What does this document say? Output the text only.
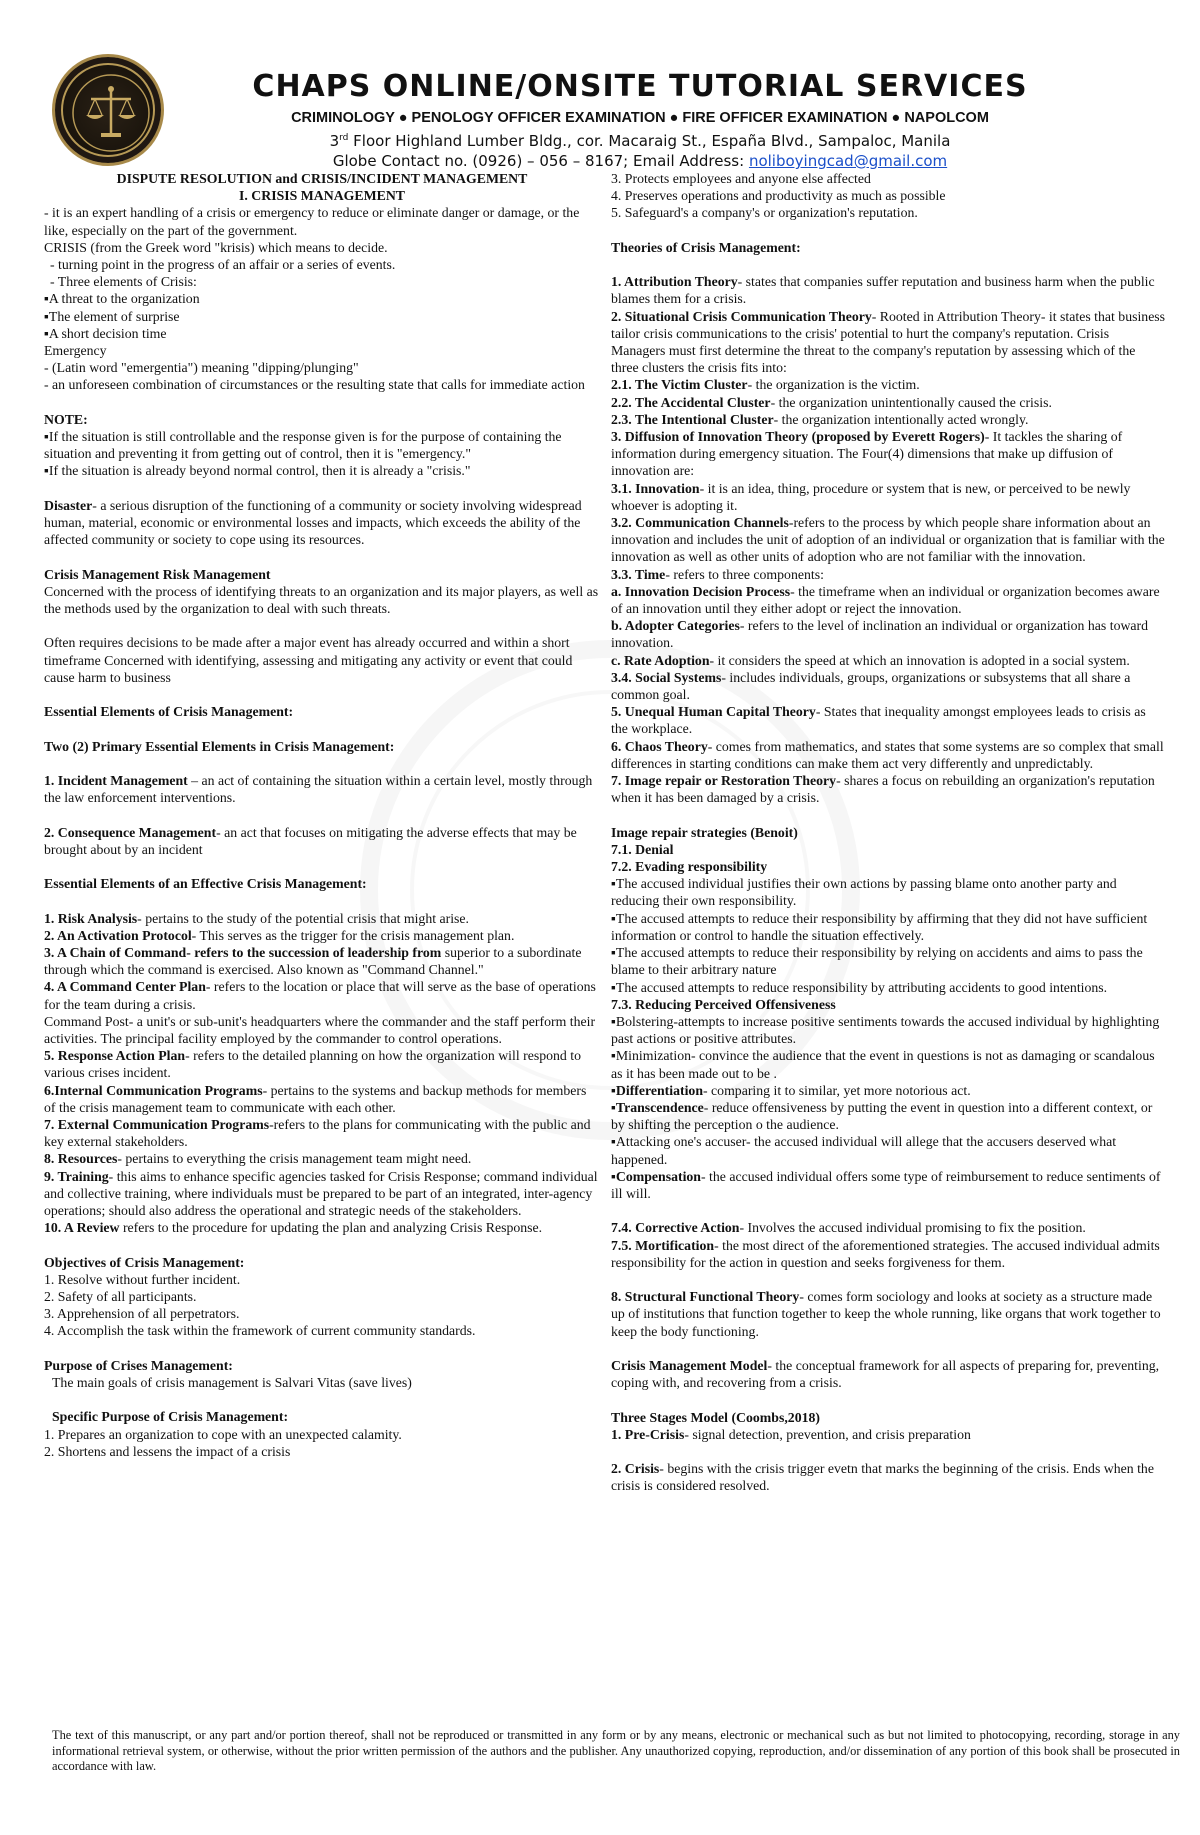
CHAPS ONLINE/ONSITE TUTORIAL SERVICES
CRIMINOLOGY ● PENOLOGY OFFICER EXAMINATION ● FIRE OFFICER EXAMINATION ● NAPOLCOM
3rd Floor Highland Lumber Bldg., cor. Macaraig St., España Blvd., Sampaloc, Manila
Globe Contact no. (0926) – 056 – 8167; Email Address: noliboyingcad@gmail.com

DISPUTE RESOLUTION and CRISIS/INCIDENT MANAGEMENT

I. CRISIS MANAGEMENT

- it is an expert handling of a crisis or emergency to reduce or eliminate danger or damage, or the like, especially on the part of the government.

CRISIS (from the Greek word "krisis) which means to decide.

- turning point in the progress of an affair or a series of events.

- Three elements of Crisis:

▪A threat to the organization

▪The element of surprise

▪A short decision time

Emergency

- (Latin word "emergentia") meaning "dipping/plunging"

- an unforeseen combination of circumstances or the resulting state that calls for immediate action

NOTE:

▪If the situation is still controllable and the response given is for the purpose of containing the situation and preventing it from getting out of control, then it is "emergency."

▪If the situation is already beyond normal control, then it is already a "crisis."

Disaster- a serious disruption of the functioning of a community or society involving widespread human, material, economic or environmental losses and impacts, which exceeds the ability of the affected community or society to cope using its resources.

Crisis Management Risk Management

Concerned with the process of identifying threats to an organization and its major players, as well as the methods used by the organization to deal with such threats.

Often requires decisions to be made after a major event has already occurred and within a short timeframe Concerned with identifying, assessing and mitigating any activity or event that could cause harm to business

Essential Elements of Crisis Management:

Two (2) Primary Essential Elements in Crisis Management:

1. Incident Management – an act of containing the situation within a certain level, mostly through the law enforcement interventions.

2. Consequence Management- an act that focuses on mitigating the adverse effects that may be brought about by an incident

Essential Elements of an Effective Crisis Management:

1. Risk Analysis- pertains to the study of the potential crisis that might arise.

2. An Activation Protocol- This serves as the trigger for the crisis management plan.

3. A Chain of Command- refers to the succession of leadership from superior to a subordinate through which the command is exercised. Also known as "Command Channel."

4. A Command Center Plan- refers to the location or place that will serve as the base of operations for the team during a crisis.

Command Post- a unit's or sub-unit's headquarters where the commander and the staff perform their activities. The principal facility employed by the commander to control operations.

5. Response Action Plan- refers to the detailed planning on how the organization will respond to various crises incident.

6.Internal Communication Programs- pertains to the systems and backup methods for members of the crisis management team to communicate with each other.

7. External Communication Programs-refers to the plans for communicating with the public and key external stakeholders.

8. Resources- pertains to everything the crisis management team might need.

9. Training- this aims to enhance specific agencies tasked for Crisis Response; command individual and collective training, where individuals must be prepared to be part of an integrated, inter-agency operations; should also address the operational and strategic needs of the stakeholders.

10. A Review refers to the procedure for updating the plan and analyzing Crisis Response.

Objectives of Crisis Management:

1. Resolve without further incident.

2. Safety of all participants.

3. Apprehension of all perpetrators.

4. Accomplish the task within the framework of current community standards.

Purpose of Crises Management:

The main goals of crisis management is Salvari Vitas (save lives)

Specific Purpose of Crisis Management:

1. Prepares an organization to cope with an unexpected calamity.

2. Shortens and lessens the impact of a crisis

3. Protects employees and anyone else affected

4. Preserves operations and productivity as much as possible

5. Safeguard's a company's or organization's reputation.

Theories of Crisis Management:

1. Attribution Theory- states that companies suffer reputation and business harm when the public blames them for a crisis.

2. Situational Crisis Communication Theory- Rooted in Attribution Theory- it states that business tailor crisis communications to the crisis' potential to hurt the company's reputation. Crisis Managers must first determine the threat to the company's reputation by assessing which of the three clusters the crisis fits into:

2.1. The Victim Cluster- the organization is the victim.

2.2. The Accidental Cluster- the organization unintentionally caused the crisis.

2.3. The Intentional Cluster- the organization intentionally acted wrongly.

3. Diffusion of Innovation Theory (proposed by Everett Rogers)- It tackles the sharing of information during emergency situation. The Four(4) dimensions that make up diffusion of innovation are:

3.1. Innovation- it is an idea, thing, procedure or system that is new, or perceived to be newly whoever is adopting it.

3.2. Communication Channels-refers to the process by which people share information about an innovation and includes the unit of adoption of an individual or organization that is familiar with the innovation as well as other units of adoption who are not familiar with the innovation.

3.3. Time- refers to three components:

a. Innovation Decision Process- the timeframe when an individual or organization becomes aware of an innovation until they either adopt or reject the innovation.

b. Adopter Categories- refers to the level of inclination an individual or organization has toward innovation.

c. Rate Adoption- it considers the speed at which an innovation is adopted in a social system.

3.4. Social Systems- includes individuals, groups, organizations or subsystems that all share a common goal.

5. Unequal Human Capital Theory- States that inequality amongst employees leads to crisis as the workplace.

6. Chaos Theory- comes from mathematics, and states that some systems are so complex that small differences in starting conditions can make them act very differently and unpredictably.

7. Image repair or Restoration Theory- shares a focus on rebuilding an organization's reputation when it has been damaged by a crisis.

Image repair strategies (Benoit)

7.1. Denial

7.2. Evading responsibility

▪The accused individual justifies their own actions by passing blame onto another party and reducing their own responsibility.

▪The accused attempts to reduce their responsibility by affirming that they did not have sufficient information or control to handle the situation effectively.

▪The accused attempts to reduce their responsibility by relying on accidents and aims to pass the blame to their arbitrary nature

▪The accused attempts to reduce responsibility by attributing accidents to good intentions.

7.3. Reducing Perceived Offensiveness

▪Bolstering-attempts to increase positive sentiments towards the accused individual by highlighting past actions or positive attributes.

▪Minimization- convince the audience that the event in questions is not as damaging or scandalous as it has been made out to be .

▪Differentiation- comparing it to similar, yet more notorious act.

▪Transcendence- reduce offensiveness by putting the event in question into a different context, or by shifting the perception o the audience.

▪Attacking one's accuser- the accused individual will allege that the accusers deserved what happened.

▪Compensation- the accused individual offers some type of reimbursement to reduce sentiments of ill will.

7.4. Corrective Action- Involves the accused individual promising to fix the position.

7.5. Mortification- the most direct of the aforementioned strategies. The accused individual admits responsibility for the action in question and seeks forgiveness for them.

8. Structural Functional Theory- comes form sociology and looks at society as a structure made up of institutions that function together to keep the whole running, like organs that work together to keep the body functioning.

Crisis Management Model- the conceptual framework for all aspects of preparing for, preventing, coping with, and recovering from a crisis.

Three Stages Model (Coombs,2018)

1. Pre-Crisis- signal detection, prevention, and crisis preparation

2. Crisis- begins with the crisis trigger evetn that marks the beginning of the crisis. Ends when the crisis is considered resolved.

The text of this manuscript, or any part and/or portion thereof, shall not be reproduced or transmitted in any form or by any means, electronic or mechanical such as but not limited to photocopying, recording, storage in any informational retrieval system, or otherwise, without the prior written permission of the authors and the publisher. Any unauthorized copying, reproduction, and/or dissemination of any portion of this book shall be prosecuted in accordance with law.
